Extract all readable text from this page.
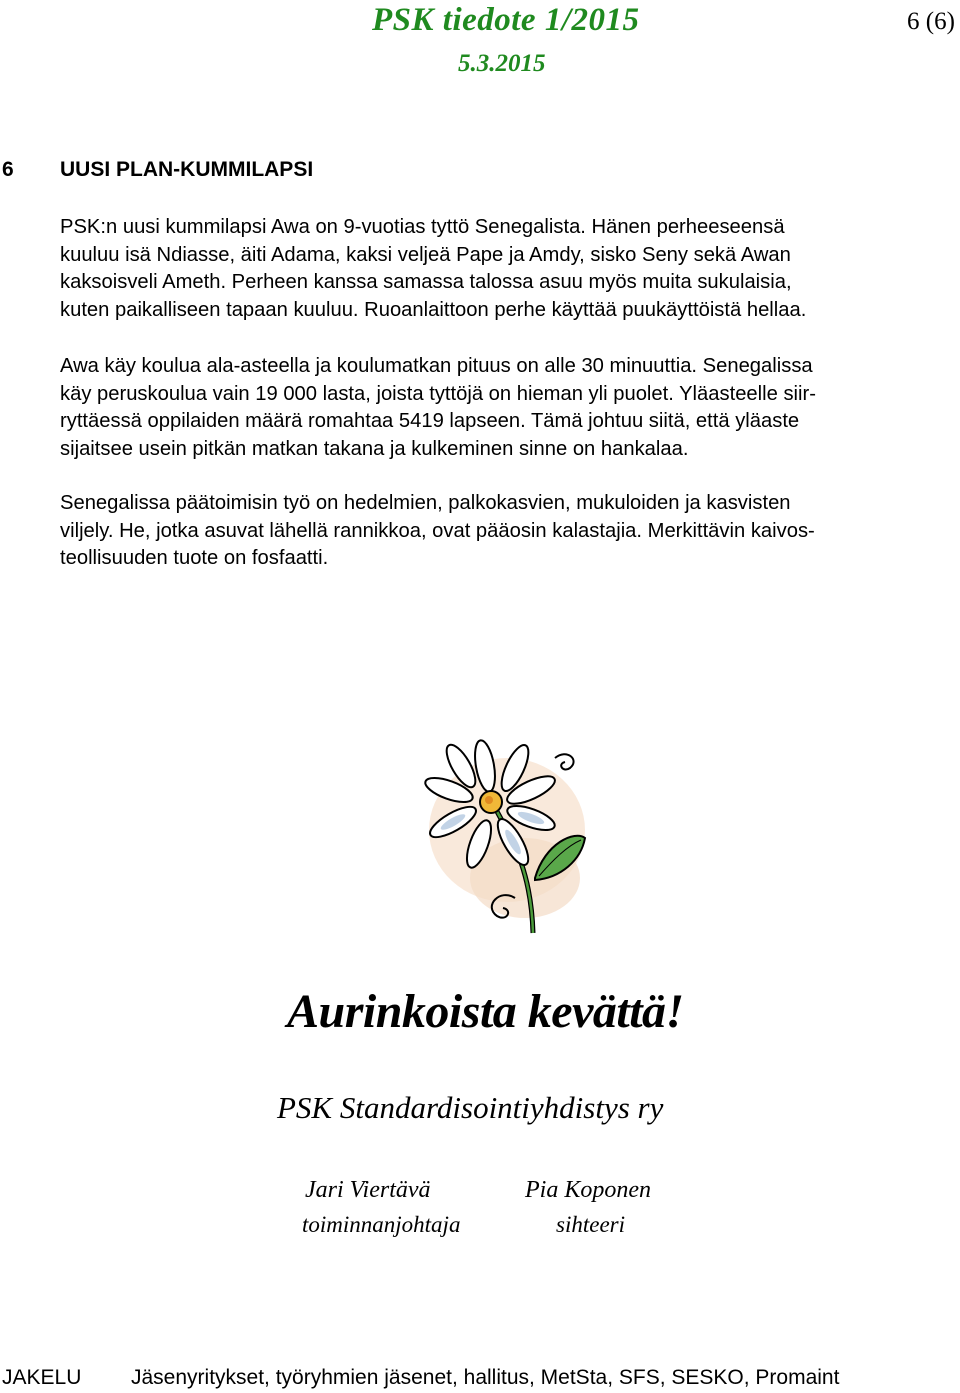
PSK tiedote 1/2015
5.3.2015
6 (6)
6 UUSI PLAN-KUMMILAPSI
PSK:n uusi kummilapsi Awa on 9-vuotias tyttö Senegalista. Hänen perheeseensä
kuuluu isä Ndiasse, äiti Adama, kaksi veljeä Pape ja Amdy, sisko Seny sekä Awan
kaksoisveli Ameth. Perheen kanssa samassa talossa asuu myös muita sukulaisia,
kuten paikalliseen tapaan kuuluu. Ruoanlaittoon perhe käyttää puukäyttöistä hellaa.
Awa käy koulua ala-asteella ja koulumatkan pituus on alle 30 minuuttia. Senegalissa
käy peruskoulua vain 19 000 lasta, joista tyttöjä on hieman yli puolet. Yläasteelle siir-
ryttäessä oppilaiden määrä romahtaa 5419 lapseen. Tämä johtuu siitä, että yläaste
sijaitsee usein pitkän matkan takana ja kulkeminen sinne on hankalaa.
Senegalissa päätoimisin työ on hedelmien, palkokasvien, mukuloiden ja kasvisten
viljely. He, jotka asuvat lähellä rannikkoa, ovat pääosin kalastajia. Merkittävin kaivos-
teollisuuden tuote on fosfaatti.
Aurinkoista kevättä!
PSK Standardisointiyhdistys ry
Jari Viertävä
toiminnanjohtaja
Pia Koponen
sihteeri
JAKELU Jäsenyritykset, työryhmien jäsenet, hallitus, MetSta, SFS, SESKO, Promaint
